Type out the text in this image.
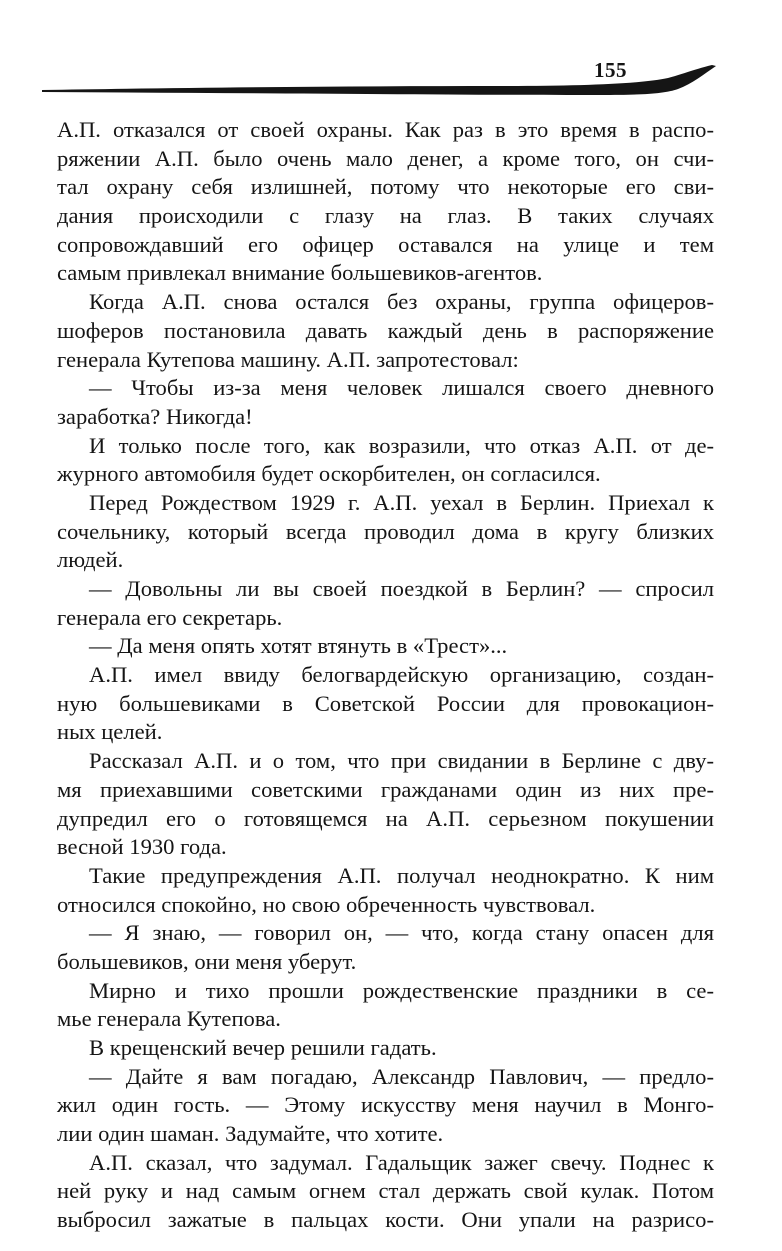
155
А.П. отказался от своей охраны. Как раз в это время в распо-
ряжении А.П. было очень мало денег, а кроме того, он счи-
тал охрану себя излишней, потому что некоторые его сви-
дания происходили с глазу на глаз. В таких случаях
сопровождавший его офицер оставался на улице и тем
самым привлекал внимание большевиков-агентов.
Когда А.П. снова остался без охраны, группа офицеров-
шоферов постановила давать каждый день в распоряжение
генерала Кутепова машину. А.П. запротестовал:
— Чтобы из-за меня человек лишался своего дневного
заработка? Никогда!
И только после того, как возразили, что отказ А.П. от де-
журного автомобиля будет оскорбителен, он согласился.
Перед Рождеством 1929 г. А.П. уехал в Берлин. Приехал к
сочельнику, который всегда проводил дома в кругу близких
людей.
— Довольны ли вы своей поездкой в Берлин? — спросил
генерала его секретарь.
— Да меня опять хотят втянуть в «Трест»...
А.П. имел ввиду белогвардейскую организацию, создан-
ную большевиками в Советской России для провокацион-
ных целей.
Рассказал А.П. и о том, что при свидании в Берлине с дву-
мя приехавшими советскими гражданами один из них пре-
дупредил его о готовящемся на А.П. серьезном покушении
весной 1930 года.
Такие предупреждения А.П. получал неоднократно. К ним
относился спокойно, но свою обреченность чувствовал.
— Я знаю, — говорил он, — что, когда стану опасен для
большевиков, они меня уберут.
Мирно и тихо прошли рождественские праздники в се-
мье генерала Кутепова.
В крещенский вечер решили гадать.
— Дайте я вам погадаю, Александр Павлович, — предло-
жил один гость. — Этому искусству меня научил в Монго-
лии один шаман. Задумайте, что хотите.
А.П. сказал, что задумал. Гадальщик зажег свечу. Поднес к
ней руку и над самым огнем стал держать свой кулак. Потом
выбросил зажатые в пальцах кости. Они упали на разрисо-
